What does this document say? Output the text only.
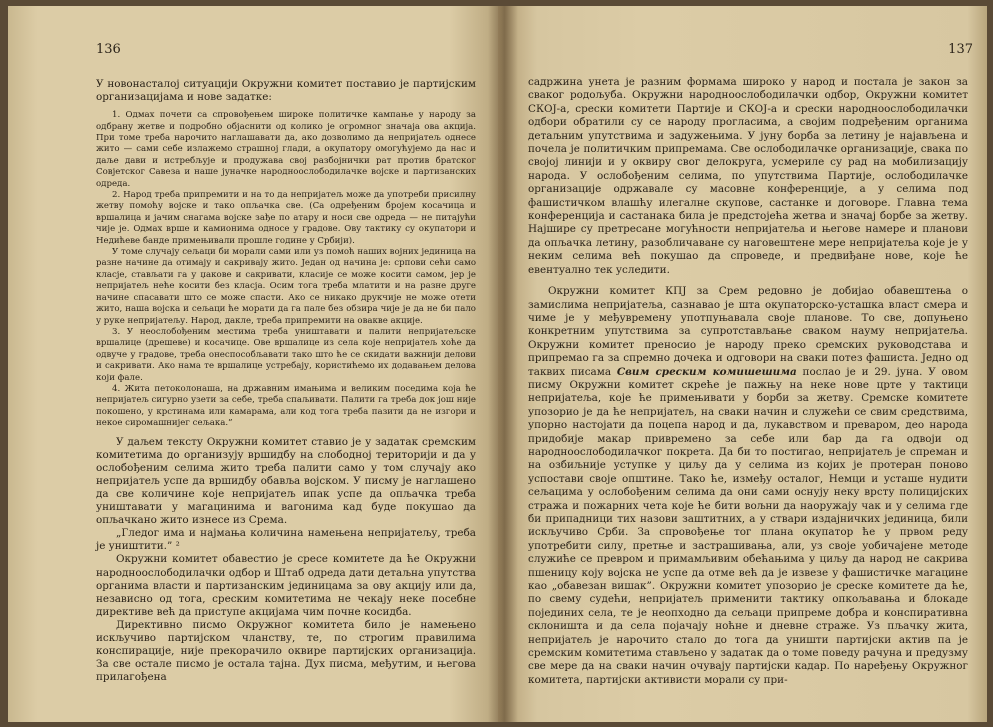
136

У новонасталој ситуацији Окружни комитет поставио је партијским организацијама и нове задатке:

1. Одмах почети са спровођењем широке политичке кампање у народу за одбрану жетве и подробно објаснити од колико је огромног значаја ова акција. При томе треба нарочито наглашавати да, ако дозволимо да непријатељ однесе жито — сами себе излажемо страшној глади, а окупатору омогућујемо да нас и даље дави и истребљује и продужава свој разбојнички рат против братског Совјетског Савеза и наше јуначке народноослободилачке војске и партизанских одреда.

2. Народ треба припремити и на то да непријатељ може да употреби присилну жетву помоћу војске и тако опљачка све. (Са одређеним бројем косачица и вршалица и јачим снагама војске зађе по атару и носи све одреда — не питајући чије је. Одмах врше и камионима односе у градове. Ову тактику су окупатори и Недићеве банде примењивали прошле године у Србији).

У томе случају сељаци би морали сами или уз помоћ наших војних јединица на разне начине да отимају и сакривају жито. Један од начина је: српови сећи само класје, стављати га у џакове и сакривати, класије се може косити самом, јер је непријатељ неће косити без класја. Осим тога треба млатити и на разне друге начине спасавати што се може спасти. Ако се никако друкчије не може отети жито, наша војска и сељаци ће морати да га пале без обзира чије је да не би пало у руке непријатељу. Народ, дакле, треба припремити на овакве акције.

3. У неослобођеним местима треба уништавати и палити непријатељске вршалице (дрешеве) и косачице. Ове вршалице из села које непријатељ хоће да одвуче у градове, треба онеспособљавати тако што ће се скидати важнији делови и сакривати. Ако нама те вршалице устребају, користићемо их додавањем делова који фале.

4. Жита петоколонаша, на државним имањима и великим поседима која ће непријатељ сигурно узети за себе, треба спаљивати. Палити га треба док још није покошено, у крстинама или камарама, али код тога треба пазити да не изгори и некое сиромашнијег сељака.”

У даљем тексту Окружни комитет ставио је у задатак сремским комитетима до организују вршидбу на слободној територији и да у ослобођеним селима жито треба палити само у том случају ако непријатељ успе да вршидбу обавља војском. У писму је наглашено да све количине које непријатељ ипак успе да опљачка треба уништавати у магацинима и вагонима кад буде покушао да опљачкано жито изнесе из Срема.

„Гледог има и најмања количина намењена непријатељу, треба је уништити.” ²

Окружни комитет обавестио је сресе комитете да ће Окружни народноослободилачки одбор и Штаб одреда дати детаљна упутства органима власти и партизанским јединицама за ову акцију или да, независно од тога, среским комитетима не чекају неке посебне директиве већ да приступе акцијама чим почне косидба.

Директивно писмо Окружног комитета било је намењено искључиво партијском чланству, те, по строгим правилима конспирације, није прекорачило оквире партијских организација. За све остале писмо је остала тајна. Дух писма, међутим, и његова прилагођена

137

садржина унета је разним формама широко у народ и постала је закон за сваког родољуба. Окружни народноослободилачки одбор, Окружни комитет СКОЈ-а, срески комитети Партије и СКОЈ-а и срески народноослободилачки одбори обратили су се народу прогласима, а својим подређеним органима детаљним упутствима и задужењима. У јуну борба за летину је најављена и почела је политичким припремама. Све ослободилачке организације, свака по својој линији и у оквиру свог делокруга, усмериле су рад на мобилизацију народа. У ослобођеним селима, по упутствима Партије, ослободилачке организације одржавале су масовне конференције, а у селима под фашистичком влашћу илегалне скупове, састанке и договоре. Главна тема конференција и састанака била је предстојећа жетва и значај борбе за жетву. Најшире су претресане могућности непријатеља и његове намере и планови да опљачка летину, разобличаване су наговештене мере непријатеља које је у неким селима већ покушао да спроведе, и предвиђане нове, које ће евентуално тек уследити.

Окружни комитет КПЈ за Срем редовно је добијао обавештења о замислима непријатеља, сазнавао је шта окупаторско-усташка власт смера и чиме је у међувремену употпуњавала своје планове. То све, допуњено конкретним упутствима за супротстављање сваком науму непријатеља. Окружни комитет преносио је народу преко сремских руководстава и припремао га за спремно дочека и одговори на сваки потез фашиста. Једно од таквих писама Свим среским комишешима послао је и 29. јуна. У овом писму Окружни комитет скреће је пажњу на неке нове црте у тактици непријатеља, које ће примењивати у борби за жетву. Сремске комитете упозорио је да ће непријатељ, на сваки начин и служећи се свим средствима, упорно настојати да поцепа народ и да, лукавством и преваром, део народа придобије макар привремено за себе или бар да га одвоји од народноослободилачког покрета. Да би то постигао, непријатељ је спреман и на озбиљније уступке у циљу да у селима из којих је протеран поново успостави своје општине. Тако ће, између осталог, Немци и усташе нудити сељацима у ослобођеним селима да они сами оснују неку врсту полицијских стража и пожарних чета које ће бити вољни да наоружају чак и у селима где би припадници тих назови заштитних, а у ствари издајничких јединица, били искључиво Срби. За спровођење тог плана окупатор ће у првом реду употребити силу, претње и застрашивања, али, уз своје уобичајене методе служиће се превром и примамљивим обећањима у циљу да народ не сакрива пшеницу коју војска не успе да отме већ да је извезе у фашистичке магацине као „обавезан вишак”. Окружни комитет упозорио је среске комитете да ће, по свему судећи, непријатељ применити тактику опкољавања и блокаде појединих села, те је неопходно да сељаци припреме добра и конспиративна склоништа и да села појачају ноћне и дневне страже. Уз пљачку жита, непријатељ је нарочито стало до тога да уништи партијски актив па је сремским комитетима стављено у задатак да о томе поведу рачуна и предузму све мере да на сваки начин очувају партијски кадар. По наређењу Окружног комитета, партијски активисти морали су при-
